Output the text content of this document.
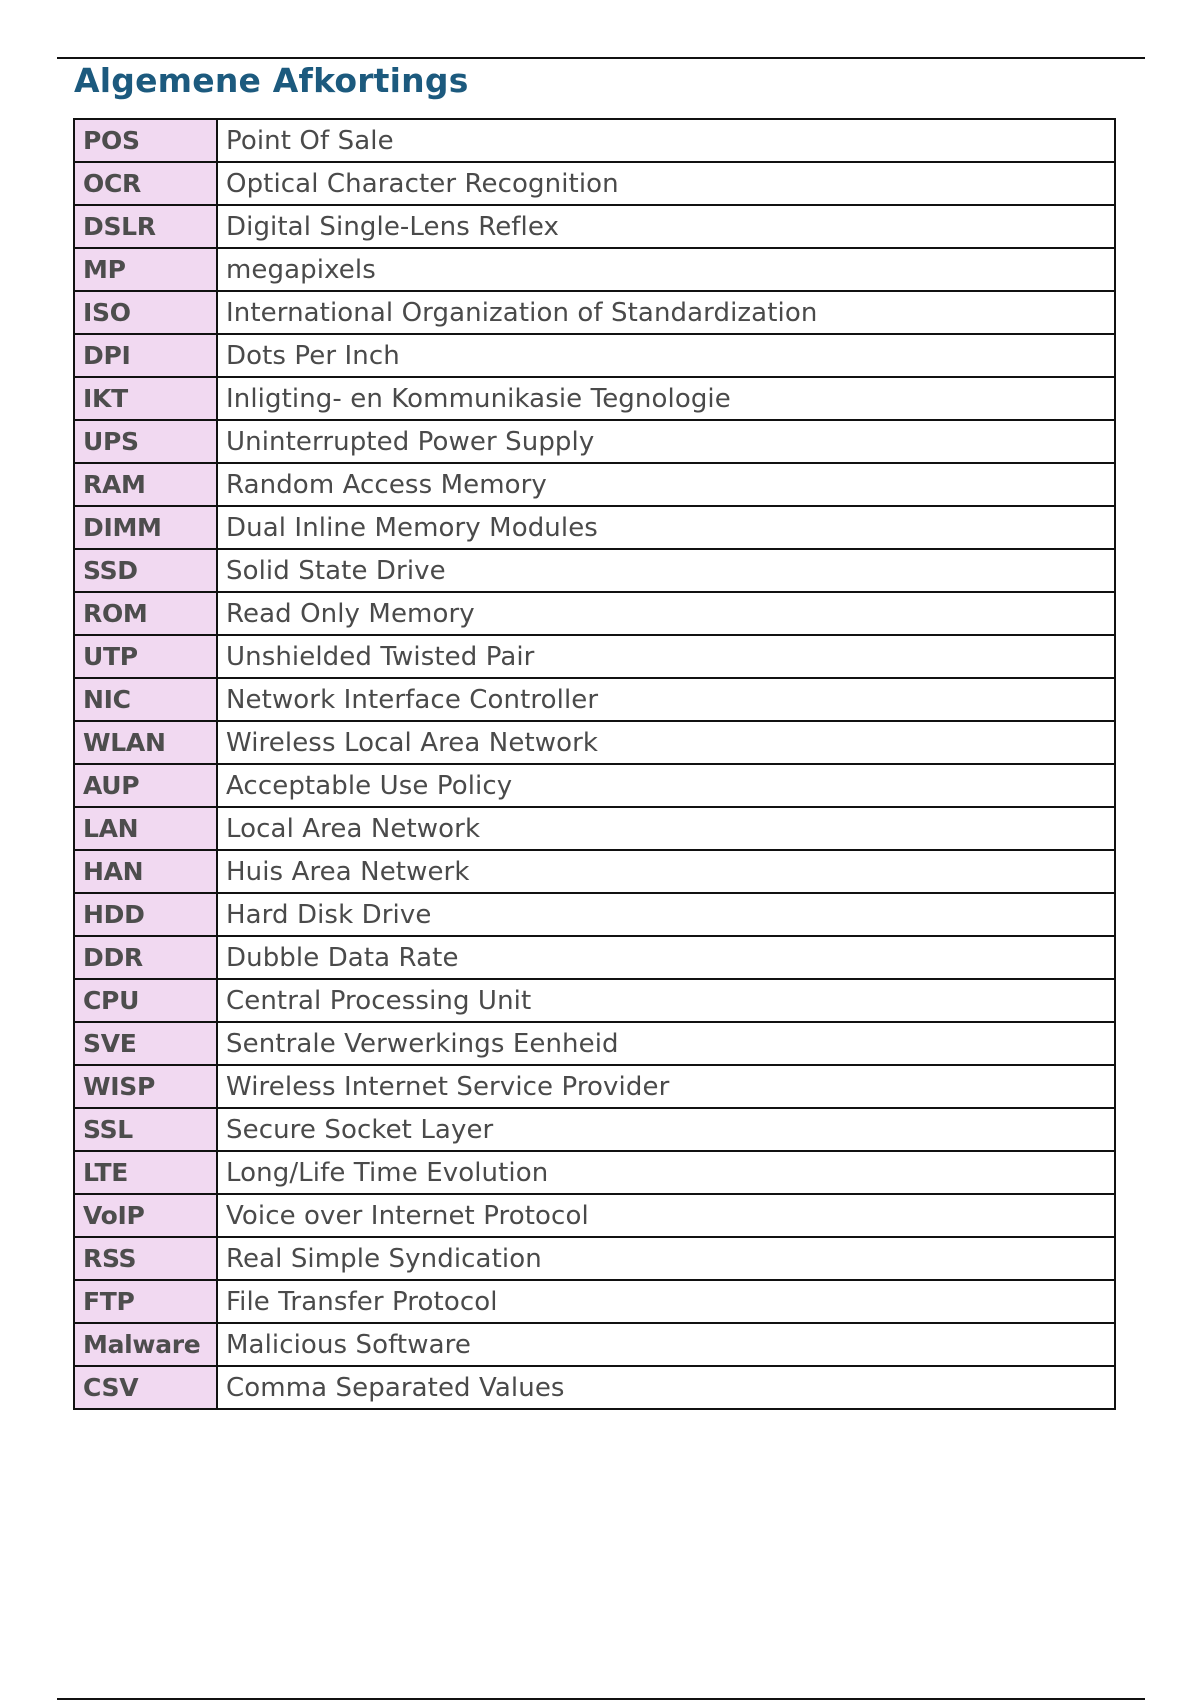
Algemene Afkortings
POS	Point Of Sale
OCR	Optical Character Recognition
DSLR	Digital Single-Lens Reflex
MP	megapixels
ISO	International Organization of Standardization
DPI	Dots Per Inch
IKT	Inligting- en Kommunikasie Tegnologie
UPS	Uninterrupted Power Supply
RAM	Random Access Memory
DIMM	Dual Inline Memory Modules
SSD	Solid State Drive
ROM	Read Only Memory
UTP	Unshielded Twisted Pair
NIC	Network Interface Controller
WLAN	Wireless Local Area Network
AUP	Acceptable Use Policy
LAN	Local Area Network
HAN	Huis Area Netwerk
HDD	Hard Disk Drive
DDR	Dubble Data Rate
CPU	Central Processing Unit
SVE	Sentrale Verwerkings Eenheid
WISP	Wireless Internet Service Provider
SSL	Secure Socket Layer
LTE	Long/Life Time Evolution
VoIP	Voice over Internet Protocol
RSS	Real Simple Syndication
FTP	File Transfer Protocol
Malware	Malicious Software
CSV	Comma Separated Values
